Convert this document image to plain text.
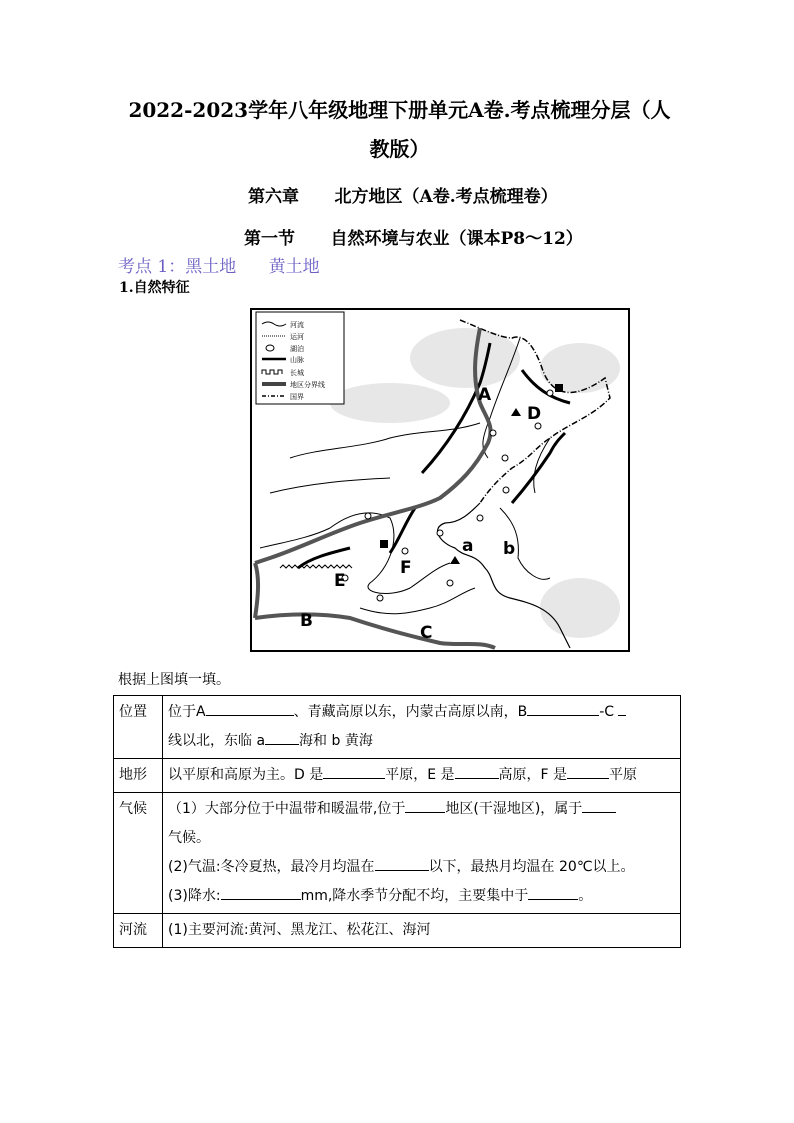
2022-2023学年八年级地理下册单元A卷.考点梳理分层（人
教版）
第六章      北方地区（A卷.考点梳理卷）
第一节      自然环境与农业（课本P8～12）
考点 1：黑土地      黄土地
1.自然特征
河流
运河
湖泊
山脉
长城
地区分界线
国界	A
D
a b
E
F
B
C
根据上图填一填。
位置	位于A 、青藏高原以东，内蒙古高原以南，B -C
线以北，东临 a 海和 b 黄海
地形	以平原和高原为主。D 是 平原，E 是 高原，F 是 平原
气候	（1）大部分位于中温带和暖温带,位于 地区(干湿地区)，属于
气候。
(2)气温:冬冷夏热，最冷月均温在 以下，最热月均温在 20℃以上。
(3)降水: mm,降水季节分配不均，主要集中于 。
河流	(1)主要河流:黄河、黑龙江、松花江、海河
